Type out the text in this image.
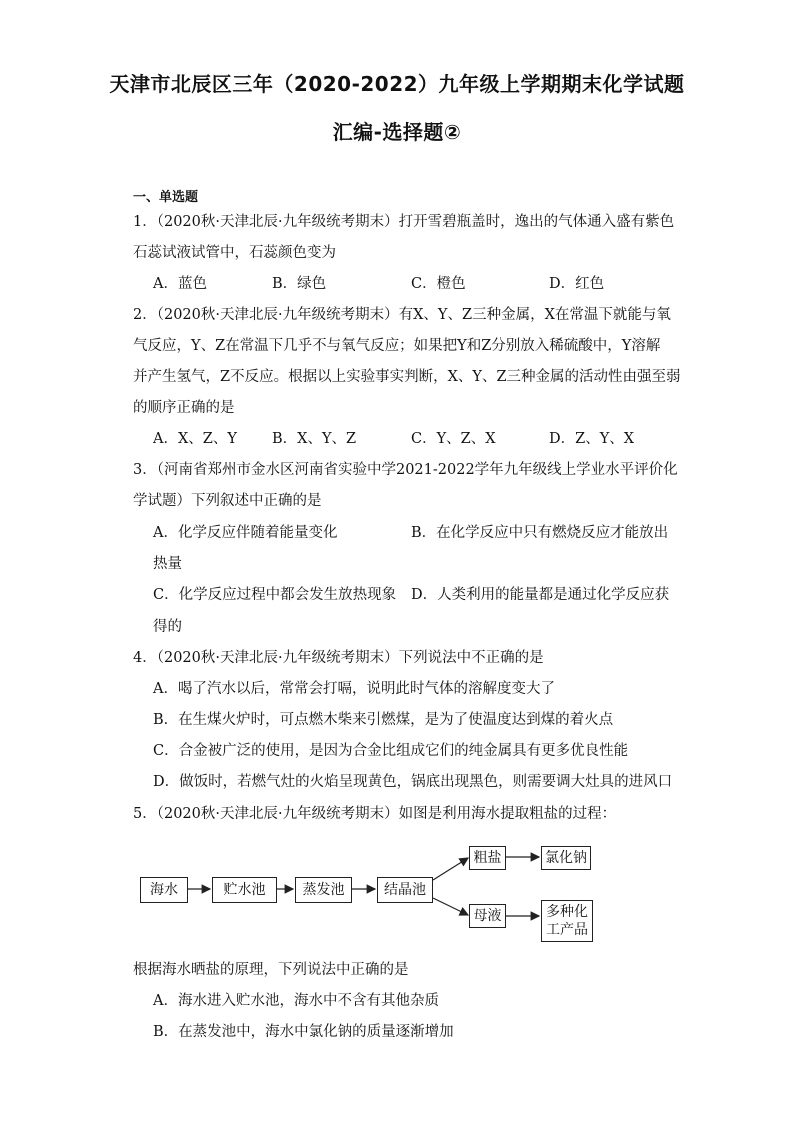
天津市北辰区三年（2020-2022）九年级上学期期末化学试题
汇编-选择题②
一、单选题
1．（2020秋·天津北辰·九年级统考期末）打开雪碧瓶盖时，逸出的气体通入盛有紫色
石蕊试液试管中，石蕊颜色变为
A．蓝色	B．绿色	C．橙色	D．红色
2．（2020秋·天津北辰·九年级统考期末）有X、Y、Z三种金属，X在常温下就能与氧
气反应，Y、Z在常温下几乎不与氧气反应；如果把Y和Z分别放入稀硫酸中，Y溶解
并产生氢气，Z不反应。根据以上实验事实判断，X、Y、Z三种金属的活动性由强至弱
的顺序正确的是
A．X、Z、Y B．X、Y、Z	C．Y、Z、X	D．Z、Y、X
3．（河南省郑州市金水区河南省实验中学2021-2022学年九年级线上学业水平评价化
学试题）下列叙述中正确的是
A．化学反应伴随着能量变化	B．在化学反应中只有燃烧反应才能放出
热量
C．化学反应过程中都会发生放热现象 D．人类利用的能量都是通过化学反应获
得的
4．（2020秋·天津北辰·九年级统考期末）下列说法中不正确的是
A．喝了汽水以后，常常会打嗝，说明此时气体的溶解度变大了
B．在生煤火炉时，可点燃木柴来引燃煤，是为了使温度达到煤的着火点
C．合金被广泛的使用，是因为合金比组成它们的纯金属具有更多优良性能
D．做饭时，若燃气灶的火焰呈现黄色，锅底出现黑色，则需要调大灶具的进风口
5．（2020秋·天津北辰·九年级统考期末）如图是利用海水提取粗盐的过程：
海水	贮水池	蒸发池	结晶池
粗盐	氯化钠
母液	多种化
工产品
根据海水晒盐的原理，下列说法中正确的是
A．海水进入贮水池，海水中不含有其他杂质
B．在蒸发池中，海水中氯化钠的质量逐渐增加
